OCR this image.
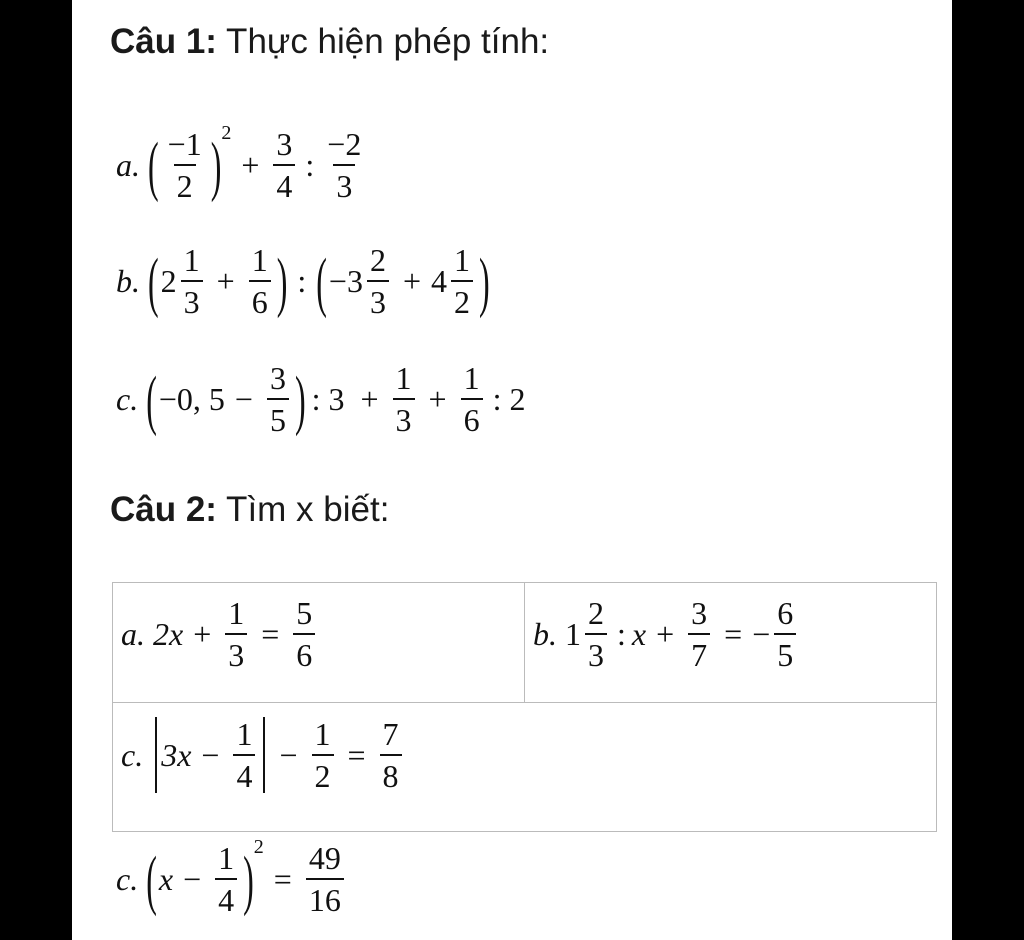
Câu 1: Thực hiện phép tính:
a. ( $\frac{-1}{2}$ ) 2
+ $\frac{3}{4}$ : $\frac{-2}{3}$
b. ( $2 \frac{1}{3} + \frac{1}{6}$ ) : ( $-3 \frac{2}{3} + 4 \frac{1}{2}$ )
c. ( −0, $5 - \frac{3}{5}$ ) : $3 + \frac{1}{3} + \frac{1}{6}$ : 2
Câu 2: Tìm x biết:
a. $2x + \frac{1}{3} = \frac{5}{6}$	b. $1 \frac{2}{3}$ : $x + \frac{3}{7}$ = − $\frac{6}{5}$
c. $3x - \frac{1}{4} - \frac{1}{2} = \frac{7}{8}$
c. ( $x - \frac{1}{4}$ ) 2
= $\frac{49}{16}$
